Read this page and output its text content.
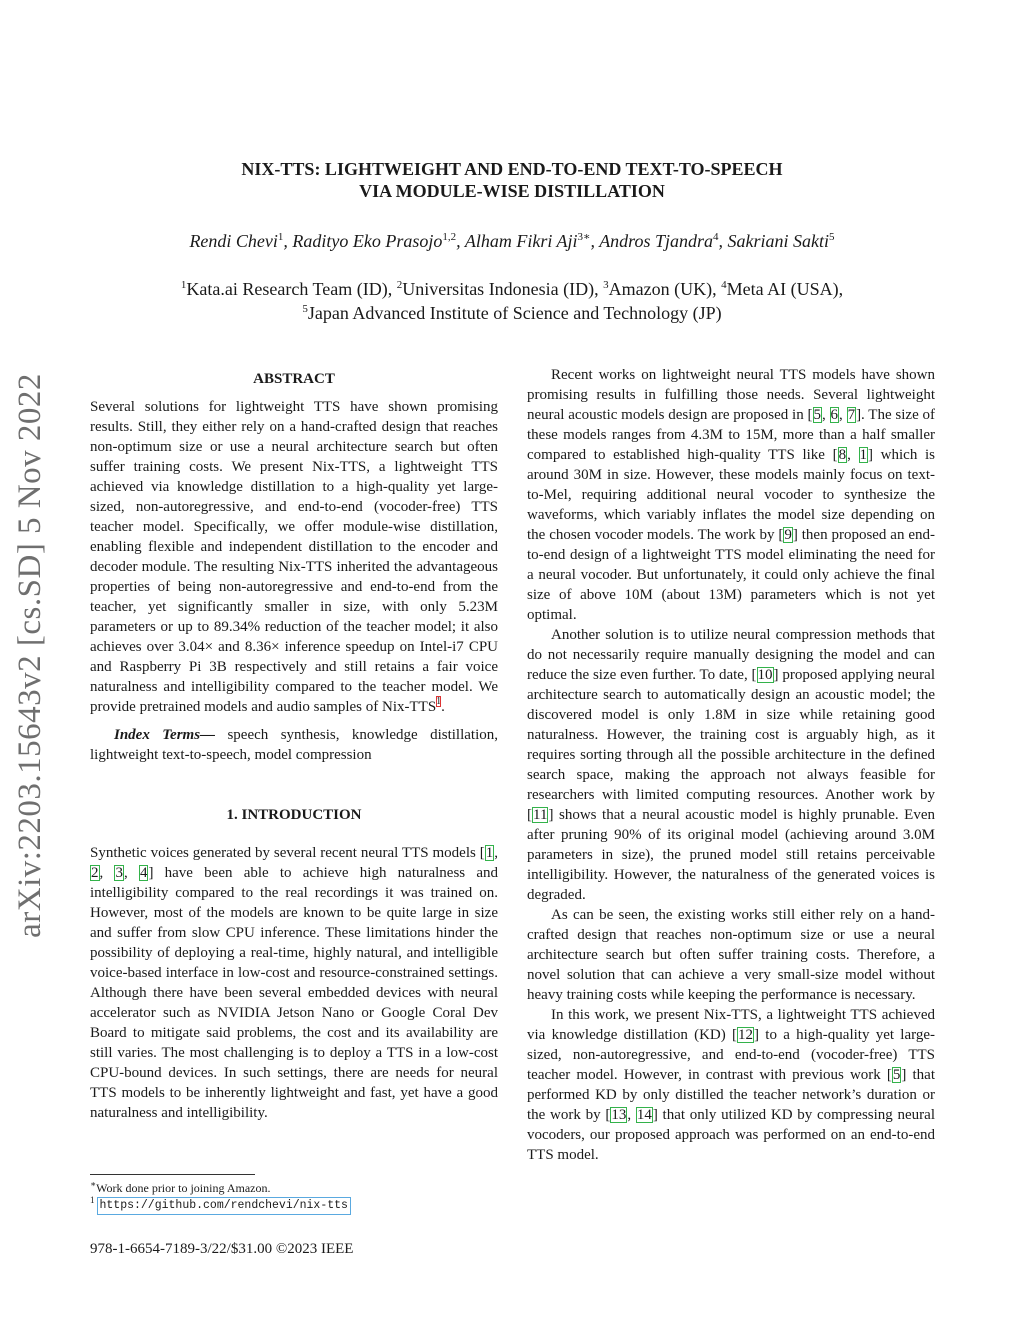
arXiv:2203.15643v2 [cs.SD] 5 Nov 2022
NIX-TTS: LIGHTWEIGHT AND END-TO-END TEXT-TO-SPEECH
VIA MODULE-WISE DISTILLATION
Rendi Chevi$^1$, Radityo Eko Prasojo$^{1,2}$, Alham Fikri Aji$^{3∗}$, Andros Tjandra$^4$, Sakriani Sakti$^5$
$^1$Kata.ai Research Team (ID), $^2$Universitas Indonesia (ID), $^3$Amazon (UK), $^4$Meta AI (USA),
$^5$Japan Advanced Institute of Science and Technology (JP)
ABSTRACT

Several solutions for lightweight TTS have shown promising results. Still, they either rely on a hand-crafted design that reaches non-optimum size or use a neural architecture search but often suffer training costs. We present Nix-TTS, a lightweight TTS achieved via knowledge distillation to a high-quality yet large-sized, non-autoregressive, and end-to-end (vocoder-free) TTS teacher model. Specifically, we offer module-wise distillation, enabling flexible and independent distillation to the encoder and decoder module. The resulting Nix-TTS inherited the advantageous properties of being non-autoregressive and end-to-end from the teacher, yet significantly smaller in size, with only 5.23M parameters or up to 89.34% reduction of the teacher model; it also achieves over 3.04× and 8.36× inference speedup on Intel-i7 CPU and Raspberry Pi 3B respectively and still retains a fair voice naturalness and intelligibility compared to the teacher model. We provide pretrained models and audio samples of Nix-TTS$^1$.

Index Terms— speech synthesis, knowledge distillation, lightweight text-to-speech, model compression

1. INTRODUCTION

Synthetic voices generated by several recent neural TTS models [1, 2, 3, 4] have been able to achieve high naturalness and intelligibility compared to the real recordings it was trained on. However, most of the models are known to be quite large in size and suffer from slow CPU inference. These limitations hinder the possibility of deploying a real-time, highly natural, and intelligible voice-based interface in low-cost and resource-constrained settings. Although there have been several embedded devices with neural accelerator such as NVIDIA Jetson Nano or Google Coral Dev Board to mitigate said problems, the cost and its availability are still varies. The most challenging is to deploy a TTS in a low-cost CPU-bound devices. In such settings, there are needs for neural TTS models to be inherently lightweight and fast, yet have a good naturalness and intelligibility.

Recent works on lightweight neural TTS models have shown promising results in fulfilling those needs. Several lightweight neural acoustic models design are proposed in [5, 6, 7]. The size of these models ranges from 4.3M to 15M, more than a half smaller compared to established high-quality TTS like [8, 1] which is around 30M in size. However, these models mainly focus on text-to-Mel, requiring additional neural vocoder to synthesize the waveforms, which variably inflates the model size depending on the chosen vocoder models. The work by [9] then proposed an end-to-end design of a lightweight TTS model eliminating the need for a neural vocoder. But unfortunately, it could only achieve the final size of above 10M (about 13M) parameters which is not yet optimal.

Another solution is to utilize neural compression methods that do not necessarily require manually designing the model and can reduce the size even further. To date, [10] proposed applying neural architecture search to automatically design an acoustic model; the discovered model is only 1.8M in size while retaining good naturalness. However, the training cost is arguably high, as it requires sorting through all the possible architecture in the defined search space, making the approach not always feasible for researchers with limited computing resources. Another work by [11] shows that a neural acoustic model is highly prunable. Even after pruning 90% of its original model (achieving around 3.0M parameters in size), the pruned model still retains perceivable intelligibility. However, the naturalness of the generated voices is degraded.

As can be seen, the existing works still either rely on a hand-crafted design that reaches non-optimum size or use a neural architecture search but often suffer training costs. Therefore, a novel solution that can achieve a very small-size model without heavy training costs while keeping the performance is necessary.

In this work, we present Nix-TTS, a lightweight TTS achieved via knowledge distillation (KD) [12] to a high-quality yet large-sized, non-autoregressive, and end-to-end (vocoder-free) TTS teacher model. However, in contrast with previous work [5] that performed KD by only distilled the teacher network’s duration or the work by [13, 14] that only utilized KD by compressing neural vocoders, our proposed approach was performed on an end-to-end TTS model.

∗Work done prior to joining Amazon.
$^1$ https://github.com/rendchevi/nix-tts
978-1-6654-7189-3/22/$31.00 ©2023 IEEE
